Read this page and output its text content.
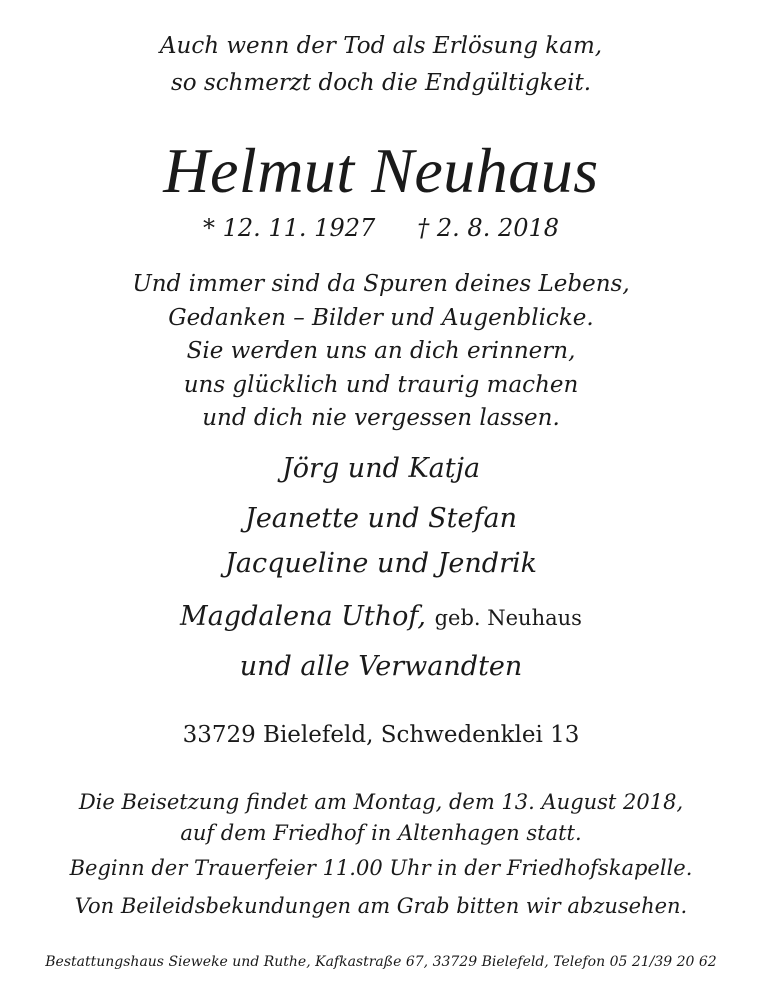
Auch wenn der Tod als Erlösung kam,
so schmerzt doch die Endgültigkeit.
Helmut Neuhaus
* 12. 11. 1927 † 2. 8. 2018
Und immer sind da Spuren deines Lebens,
Gedanken – Bilder und Augenblicke.
Sie werden uns an dich erinnern,
uns glücklich und traurig machen
und dich nie vergessen lassen.
Jörg und Katja
Jeanette und Stefan
Jacqueline und Jendrik
Magdalena Uthof, geb. Neuhaus
und alle Verwandten
33729 Bielefeld, Schwedenklei 13
Die Beisetzung findet am Montag, dem 13. August 2018,
auf dem Friedhof in Altenhagen statt.
Beginn der Trauerfeier 11.00 Uhr in der Friedhofskapelle.
Von Beileidsbekundungen am Grab bitten wir abzusehen.
Bestattungshaus Sieweke und Ruthe, Kafkastraße 67, 33729 Bielefeld, Telefon 05 21/39 20 62
